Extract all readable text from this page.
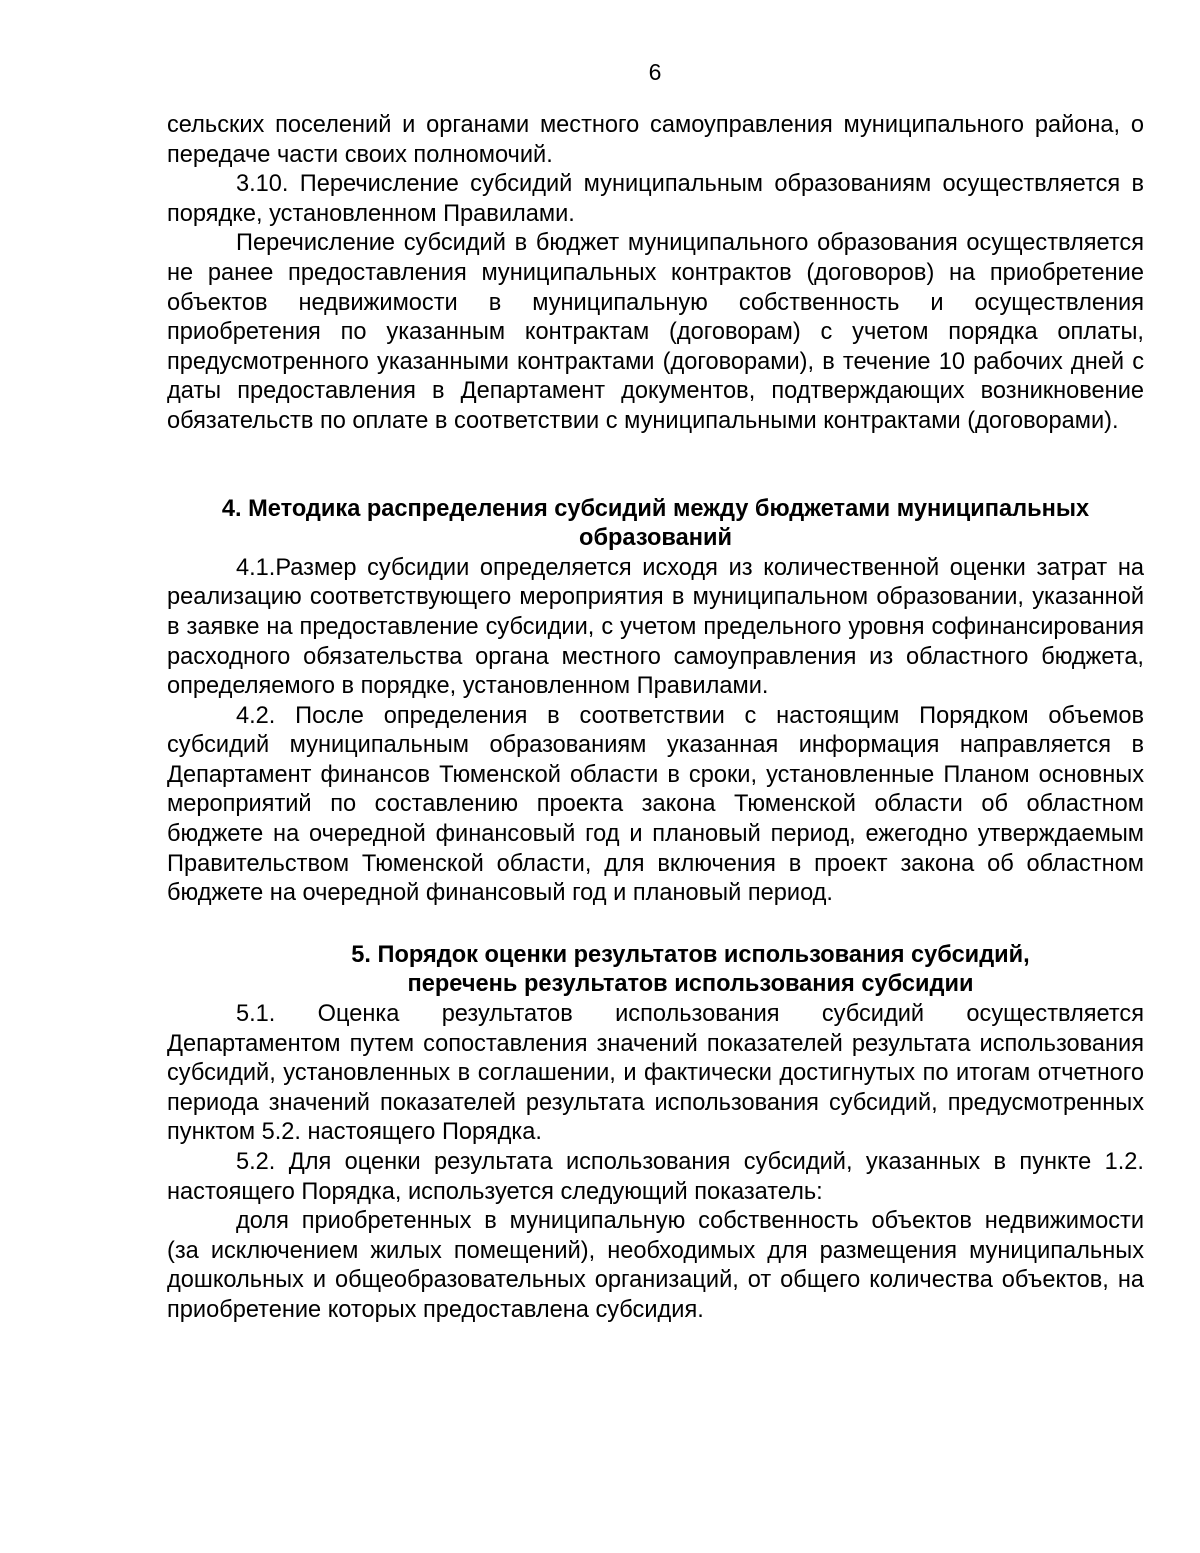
6

сельских поселений и органами местного самоуправления муниципального района, о передаче части своих полномочий.

3.10. Перечисление субсидий муниципальным образованиям осуществляется в порядке, установленном Правилами.

Перечисление субсидий в бюджет муниципального образования осуществляется не ранее предоставления муниципальных контрактов (договоров) на приобретение объектов недвижимости в муниципальную собственность и осуществления приобретения по указанным контрактам (договорам) с учетом порядка оплаты, предусмотренного указанными контрактами (договорами), в течение 10 рабочих дней с даты предоставления в Департамент документов, подтверждающих возникновение обязательств по оплате в соответствии с муниципальными контрактами (договорами).

4. Методика распределения субсидий между бюджетами муниципальных образований

4.1.Размер субсидии определяется исходя из количественной оценки затрат на реализацию соответствующего мероприятия в муниципальном образовании, указанной в заявке на предоставление субсидии, с учетом предельного уровня софинансирования расходного обязательства органа местного самоуправления из областного бюджета, определяемого в порядке, установленном Правилами.

4.2. После определения в соответствии с настоящим Порядком объемов субсидий муниципальным образованиям указанная информация направляется в Департамент финансов Тюменской области в сроки, установленные Планом основных мероприятий по составлению проекта закона Тюменской области об областном бюджете на очередной финансовый год и плановый период, ежегодно утверждаемым Правительством Тюменской области, для включения в проект закона об областном бюджете на очередной финансовый год и плановый период.

5. Порядок оценки результатов использования субсидий,
перечень результатов использования субсидии

5.1. Оценка результатов использования субсидий осуществляется Департаментом путем сопоставления значений показателей результата использования субсидий, установленных в соглашении, и фактически достигнутых по итогам отчетного периода значений показателей результата использования субсидий, предусмотренных пунктом 5.2. настоящего Порядка.

5.2. Для оценки результата использования субсидий, указанных в пункте 1.2. настоящего Порядка, используется следующий показатель:

доля приобретенных в муниципальную собственность объектов недвижимости (за исключением жилых помещений), необходимых для размещения муниципальных дошкольных и общеобразовательных организаций, от общего количества объектов, на приобретение которых предоставлена субсидия.
